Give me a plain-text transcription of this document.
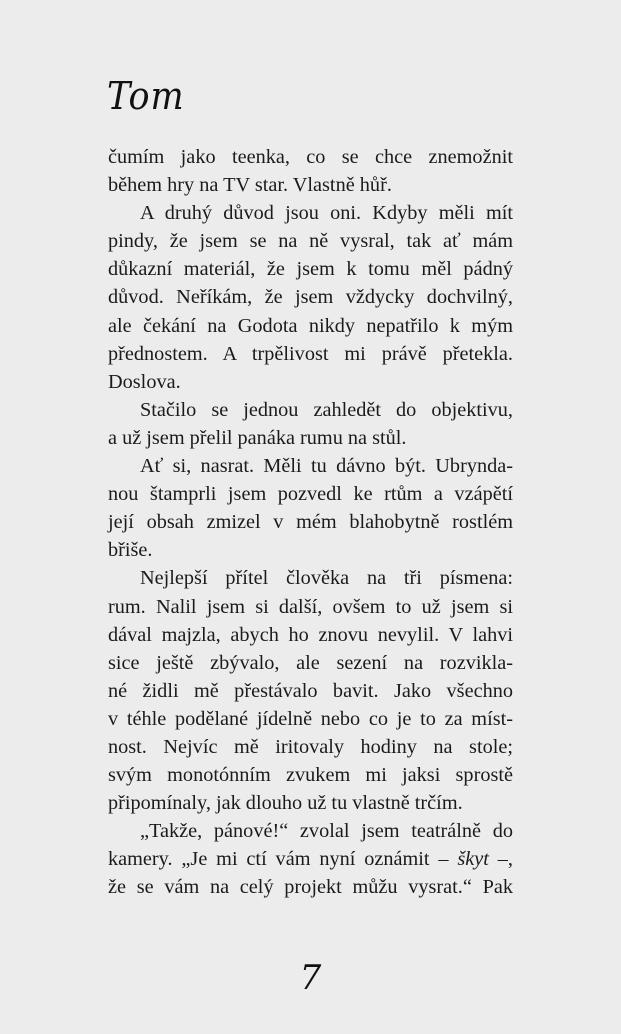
Tom
čumím jako teenka, co se chce znemožnit
během hry na TV star. Vlastně hůř.
A druhý důvod jsou oni. Kdyby měli mít
pindy, že jsem se na ně vysral, tak ať mám
důkazní materiál, že jsem k tomu měl pádný
důvod. Neříkám, že jsem vždycky dochvilný,
ale čekání na Godota nikdy nepatřilo k mým
přednostem. A trpělivost mi právě přetekla.
Doslova.
Stačilo se jednou zahledět do objektivu,
a už jsem přelil panáka rumu na stůl.
Ať si, nasrat. Měli tu dávno být. Ubrynda-
nou štamprli jsem pozvedl ke rtům a vzápětí
její obsah zmizel v mém blahobytně rostlém
břiše.
Nejlepší přítel člověka na tři písmena:
rum. Nalil jsem si další, ovšem to už jsem si
dával majzla, abych ho znovu nevylil. V lahvi
sice ještě zbývalo, ale sezení na rozvikla-
né židli mě přestávalo bavit. Jako všechno
v téhle podělané jídelně nebo co je to za míst-
nost. Nejvíc mě iritovaly hodiny na stole;
svým monotónním zvukem mi jaksi sprostě
připomínaly, jak dlouho už tu vlastně trčím.
„Takže, pánové!“ zvolal jsem teatrálně do
kamery. „Je mi ctí vám nyní oznámit – škyt –,
že se vám na celý projekt můžu vysrat.“ Pak
7
